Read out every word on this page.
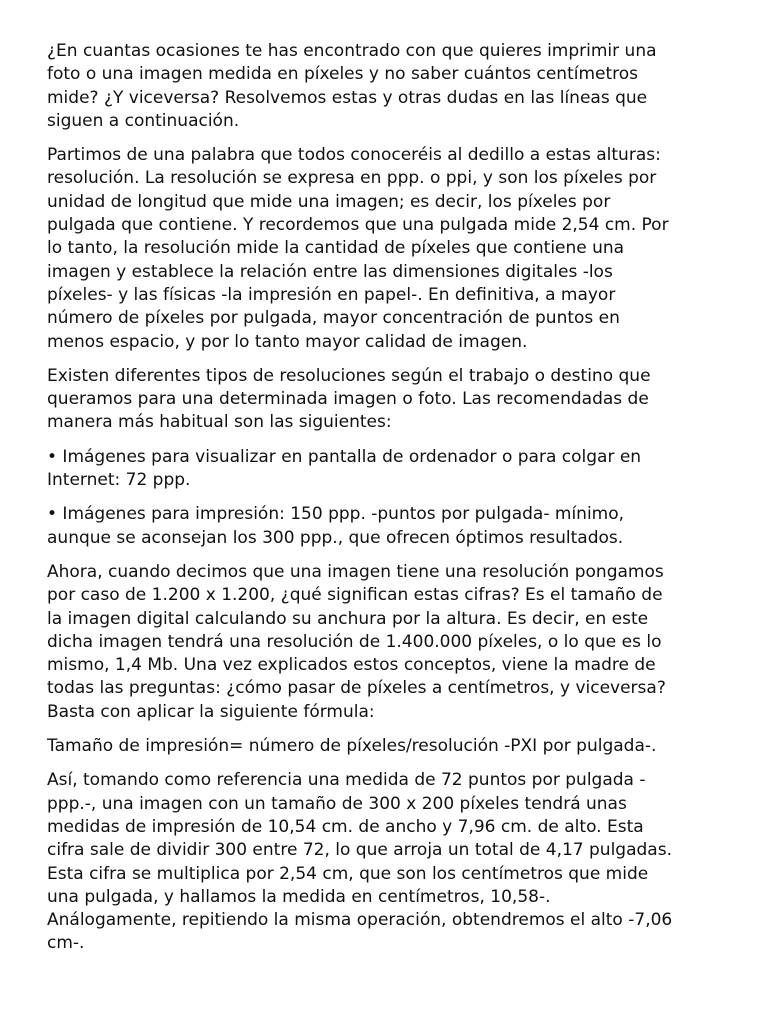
¿En cuantas ocasiones te has encontrado con que quieres imprimir una
foto o una imagen medida en píxeles y no saber cuántos centímetros
mide? ¿Y viceversa? Resolvemos estas y otras dudas en las líneas que
siguen a continuación.

Partimos de una palabra que todos conoceréis al dedillo a estas alturas:
resolución. La resolución se expresa en ppp. o ppi, y son los píxeles por
unidad de longitud que mide una imagen; es decir, los píxeles por
pulgada que contiene. Y recordemos que una pulgada mide 2,54 cm. Por
lo tanto, la resolución mide la cantidad de píxeles que contiene una
imagen y establece la relación entre las dimensiones digitales -los
píxeles- y las físicas -la impresión en papel-. En definitiva, a mayor
número de píxeles por pulgada, mayor concentración de puntos en
menos espacio, y por lo tanto mayor calidad de imagen.

Existen diferentes tipos de resoluciones según el trabajo o destino que
queramos para una determinada imagen o foto. Las recomendadas de
manera más habitual son las siguientes:

• Imágenes para visualizar en pantalla de ordenador o para colgar en
Internet: 72 ppp.

• Imágenes para impresión: 150 ppp. -puntos por pulgada- mínimo,
aunque se aconsejan los 300 ppp., que ofrecen óptimos resultados.

Ahora, cuando decimos que una imagen tiene una resolución pongamos
por caso de 1.200 x 1.200, ¿qué significan estas cifras? Es el tamaño de
la imagen digital calculando su anchura por la altura. Es decir, en este
dicha imagen tendrá una resolución de 1.400.000 píxeles, o lo que es lo
mismo, 1,4 Mb. Una vez explicados estos conceptos, viene la madre de
todas las preguntas: ¿cómo pasar de píxeles a centímetros, y viceversa?
Basta con aplicar la siguiente fórmula:

Tamaño de impresión= número de píxeles/resolución -PXI por pulgada-.

Así, tomando como referencia una medida de 72 puntos por pulgada -
ppp.-, una imagen con un tamaño de 300 x 200 píxeles tendrá unas
medidas de impresión de 10,54 cm. de ancho y 7,96 cm. de alto. Esta
cifra sale de dividir 300 entre 72, lo que arroja un total de 4,17 pulgadas.
Esta cifra se multiplica por 2,54 cm, que son los centímetros que mide
una pulgada, y hallamos la medida en centímetros, 10,58-.
Análogamente, repitiendo la misma operación, obtendremos el alto -7,06
cm-.
